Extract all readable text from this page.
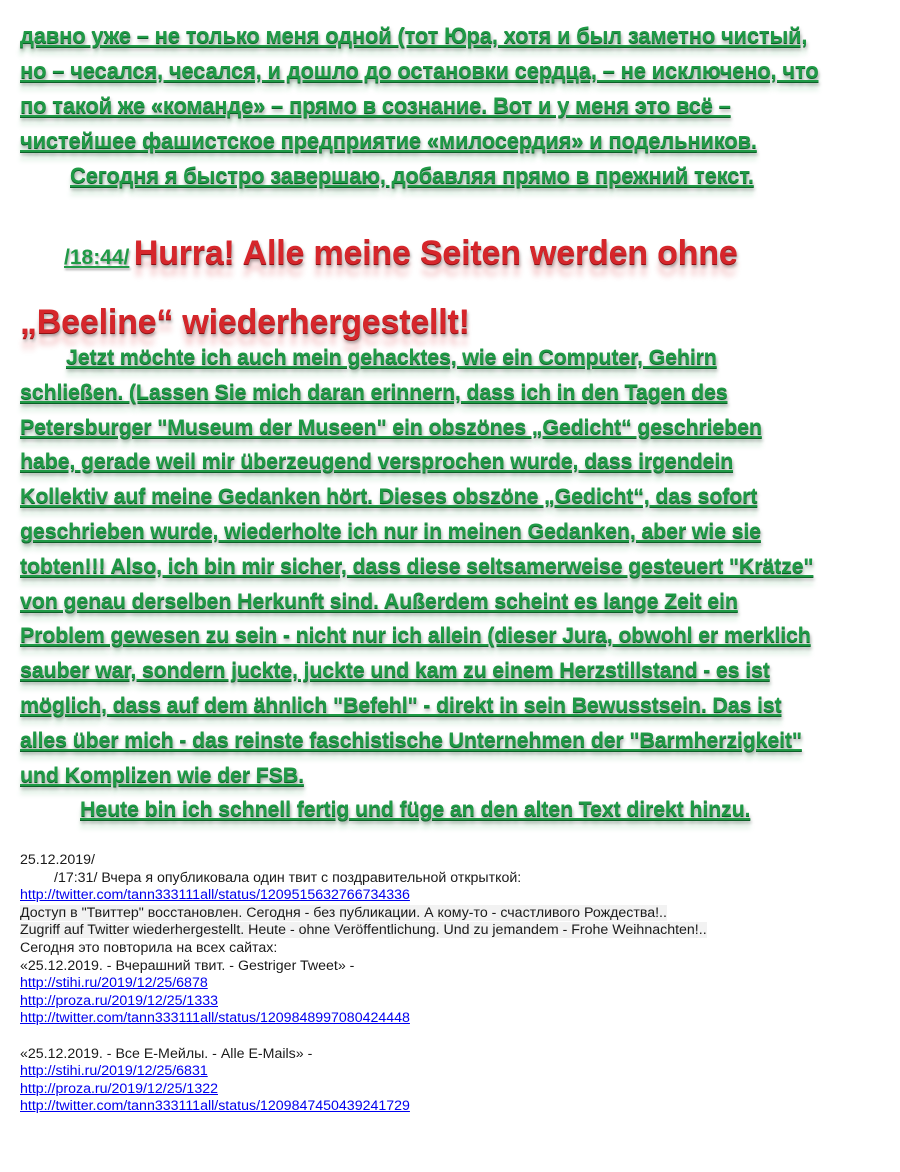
давно уже – не только меня одной (тот Юра, хотя и был заметно чистый,
но – чесался, чесался, и дошло до остановки сердца, – не исключено, что
по такой же «команде» – прямо в сознание. Вот и у меня это всё –
чистейшее фашистское предприятие «милосердия» и подельников.
Сегодня я быстро завершаю, добавляя прямо в прежний текст.
/18:44/ Hurra! Alle meine Seiten werden ohne
„Beeline“ wiederhergestellt!
Jetzt möchte ich auch mein gehacktes, wie ein Computer, Gehirn
schließen. (Lassen Sie mich daran erinnern, dass ich in den Tagen des
Petersburger "Museum der Museen" ein obszönes „Gedicht“ geschrieben
habe, gerade weil mir überzeugend versprochen wurde, dass irgendein
Kollektiv auf meine Gedanken hört. Dieses obszöne „Gedicht“, das sofort
geschrieben wurde, wiederholte ich nur in meinen Gedanken, aber wie sie
tobten!!! Also, ich bin mir sicher, dass diese seltsamerweise gesteuert "Krätze"
von genau derselben Herkunft sind. Außerdem scheint es lange Zeit ein
Problem gewesen zu sein - nicht nur ich allein (dieser Jura, obwohl er merklich
sauber war, sondern juckte, juckte und kam zu einem Herzstillstand - es ist
möglich, dass auf dem ähnlich "Befehl" - direkt in sein Bewusstsein. Das ist
alles über mich - das reinste faschistische Unternehmen der "Barmherzigkeit"
und Komplizen wie der FSB.
Heute bin ich schnell fertig und füge an den alten Text direkt hinzu.
25.12.2019/
/17:31/ Вчера я опубликовала один твит с поздравительной открыткой:
http://twitter.com/tann333111all/status/1209515632766734336
Доступ в "Твиттер" восстановлен. Сегодня - без публикации. А кому-то - счастливого Рождества!..
Zugriff auf Twitter wiederhergestellt. Heute - ohne Veröffentlichung. Und zu jemandem - Frohe Weihnachten!..
Сегодня это повторила на всех сайтах:
«25.12.2019. - Вчерашний твит. - Gestriger Tweet» -
http://stihi.ru/2019/12/25/6878
http://proza.ru/2019/12/25/1333
http://twitter.com/tann333111all/status/1209848997080424448
«25.12.2019. - Все E-Мейлы. - Alle E-Mails» -
http://stihi.ru/2019/12/25/6831
http://proza.ru/2019/12/25/1322
http://twitter.com/tann333111all/status/1209847450439241729
